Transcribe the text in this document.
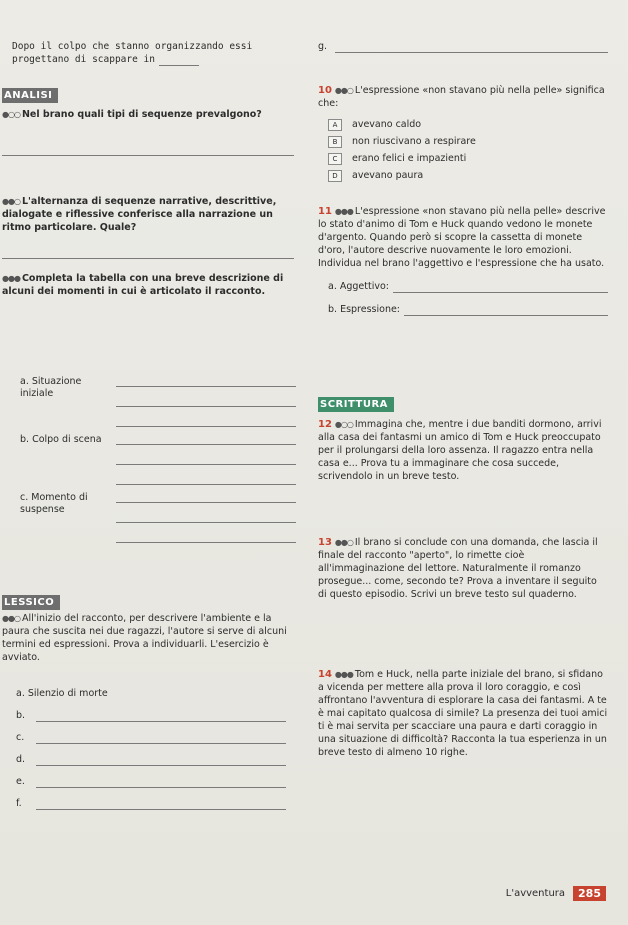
Dopo il colpo che stanno organizzando essi

progettano di scappare in

ANALISI

●○○ Nel brano quali tipi di sequenze prevalgono?

●●○ L'alternanza di sequenze narrative, descrittive, dialogate e riflessive conferisce alla narrazione un ritmo particolare. Quale?

●●● Completa la tabella con una breve descrizione di alcuni dei momenti in cui è articolato il racconto.

a. Situazione iniziale
b. Colpo di scena
c. Momento di suspense
LESSICO

●●○ All'inizio del racconto, per descrivere l'ambiente e la paura che suscita nei due ragazzi, l'autore si serve di alcuni termini ed espressioni. Prova a individuarli. L'esercizio è avviato.

a. Silenzio di morte
b.
c.
d.
e.
f.
g.

10 ●●○ L'espressione «non stavano più nella pelle» significa che:

A	avevano caldo
B	non riuscivano a respirare
C	erano felici e impazienti
D	avevano paura

11 ●●● L'espressione «non stavano più nella pelle» descrive lo stato d'animo di Tom e Huck quando vedono le monete d'argento. Quando però si scopre la cassetta di monete d'oro, l'autore descrive nuovamente le loro emozioni. Individua nel brano l'aggettivo e l'espressione che ha usato.

a. Aggettivo:
b. Espressione:
SCRITTURA

12 ●○○ Immagina che, mentre i due banditi dormono, arrivi alla casa dei fantasmi un amico di Tom e Huck preoccupato per il prolungarsi della loro assenza. Il ragazzo entra nella casa e... Prova tu a immaginare che cosa succede, scrivendolo in un breve testo.

13 ●●○ Il brano si conclude con una domanda, che lascia il finale del racconto "aperto", lo rimette cioè all'immaginazione del lettore. Naturalmente il romanzo prosegue... come, secondo te? Prova a inventare il seguito di questo episodio. Scrivi un breve testo sul quaderno.

14 ●●● Tom e Huck, nella parte iniziale del brano, si sfidano a vicenda per mettere alla prova il loro coraggio, e così affrontano l'avventura di esplorare la casa dei fantasmi. A te è mai capitato qualcosa di simile? La presenza dei tuoi amici ti è mai servita per scacciare una paura e darti coraggio in una situazione di difficoltà? Racconta la tua esperienza in un breve testo di almeno 10 righe.

L'avventura	285
